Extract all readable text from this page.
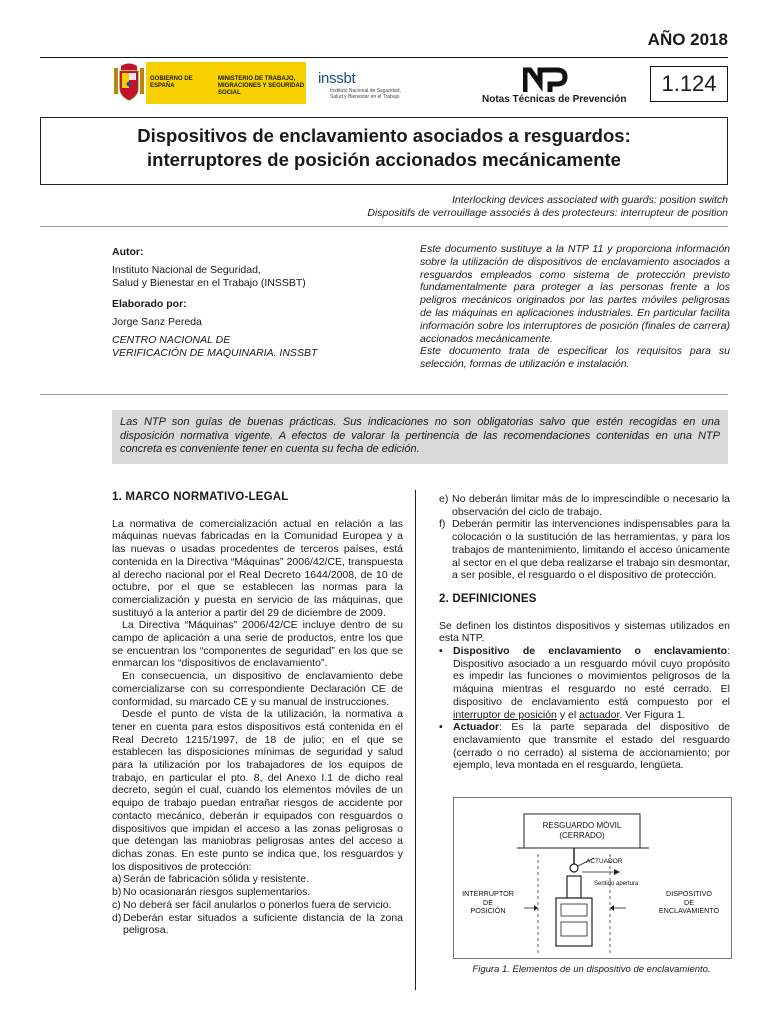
AÑO 2018
GOBIERNO DE ESPAÑA
MINISTERIO DE TRABAJO, MIGRACIONES Y SEGURIDAD SOCIAL
inssbt
Instituto Nacional de Seguridad, Salud y Bienestar en el Trabajo
NP
Notas Técnicas de Prevención
1.124
Dispositivos de enclavamiento asociados a resguardos:
interruptores de posición accionados mecánicamente
Interlocking devices associated with guards: position switch
Dispositifs de verrouillage associés à des protecteurs: interrupteur de position
Autor:
Instituto Nacional de Seguridad,
Salud y Bienestar en el Trabajo (INSSBT)
Elaborado por:
Jorge Sanz Pereda
CENTRO NACIONAL DE
VERIFICACIÓN DE MAQUINARIA. INSSBT
Este documento sustituye a la NTP 11 y proporciona información sobre la utilización de dispositivos de enclavamiento asociados a resguardos empleados como sistema de protección previsto fundamentalmente para proteger a las personas frente a los peligros mecánicos originados por las partes móviles peligrosas de las máquinas en aplicaciones industriales. En particular facilita información sobre los interruptores de posición (finales de carrera) accionados mecánicamente.
Este documento trata de especificar los requisitos para su selección, formas de utilización e instalación.
Las NTP son guías de buenas prácticas. Sus indicaciones no son obligatorias salvo que estén recogidas en una disposición normativa vigente. A efectos de valorar la pertinencia de las recomendaciones contenidas en una NTP concreta es conveniente tener en cuenta su fecha de edición.
1. MARCO NORMATIVO-LEGAL

La normativa de comercialización actual en relación a las máquinas nuevas fabricadas en la Comunidad Europea y a las nuevas o usadas procedentes de terceros países, está contenida en la Directiva “Máquinas” 2006/42/CE, transpuesta al derecho nacional por el Real Decreto 1644/2008, de 10 de octubre, por el que se establecen las normas para la comercialización y puesta en servicio de las máquinas, que sustituyó a la anterior a partir del 29 de diciembre de 2009.

La Directiva “Máquinas” 2006/42/CE incluye dentro de su campo de aplicación a una serie de productos, entre los que se encuentran los “componentes de seguridad” en los que se enmarcan los “dispositivos de enclavamiento”.

En consecuencia, un dispositivo de enclavamiento debe comercializarse con su correspondiente Declaración CE de conformidad, su marcado CE y su manual de instrucciones.

Desde el punto de vista de la utilización, la normativa a tener en cuenta para estos dispositivos está contenida en el Real Decreto 1215/1997, de 18 de julio; en el que se establecen las disposiciones mínimas de seguridad y salud para la utilización por los trabajadores de los equipos de trabajo, en particular el pto. 8, del Anexo I.1 de dicho real decreto, según el cual, cuando los elementos móviles de un equipo de trabajo puedan entrañar riesgos de accidente por contacto mecánico, deberán ir equipados con resguardos o dispositivos que impidan el acceso a las zonas peligrosas o que detengan las maniobras peligrosas antes del acceso a dichas zonas. En este punto se indica que, los resguardos y los dispositivos de protección:

a) Serán de fabricación sólida y resistente.
b) No ocasionarán riesgos suplementarios.
c) No deberá ser fácil anularlos o ponerlos fuera de servicio.
d) Deberán estar situados a suficiente distancia de la zona peligrosa.
e) No deberán limitar más de lo imprescindible o necesario la observación del ciclo de trabajo.
f) Deberán permitir las intervenciones indispensables para la colocación o la sustitución de las herramientas, y para los trabajos de mantenimiento, limitando el acceso únicamente al sector en el que deba realizarse el trabajo sin desmontar, a ser posible, el resguardo o el dispositivo de protección.
2. DEFINICIONES

Se definen los distintos dispositivos y sistemas utilizados en esta NTP.

• Dispositivo de enclavamiento o enclavamiento: Dispositivo asociado a un resguardo móvil cuyo propósito es impedir las funciones o movimientos peligrosos de la máquina mientras el resguardo no esté cerrado. El dispositivo de enclavamiento está compuesto por el interruptor de posición y el actuador. Ver Figura 1.
• Actuador: Es la parte separada del dispositivo de enclavamiento que transmite el estado del resguardo (cerrado o no cerrado) al sistema de accionamiento; por ejemplo, leva montada en el resguardo, lengüeta.
RESGUARDO MÓVIL
(CERRADO)
ACTUADOR
Sentido apertura
INTERRUPTOR
DE
POSICIÓN
DISPOSITIVO
DE
ENCLAVAMIENTO
Figura 1. Elementos de un dispositivo de enclavamiento.
